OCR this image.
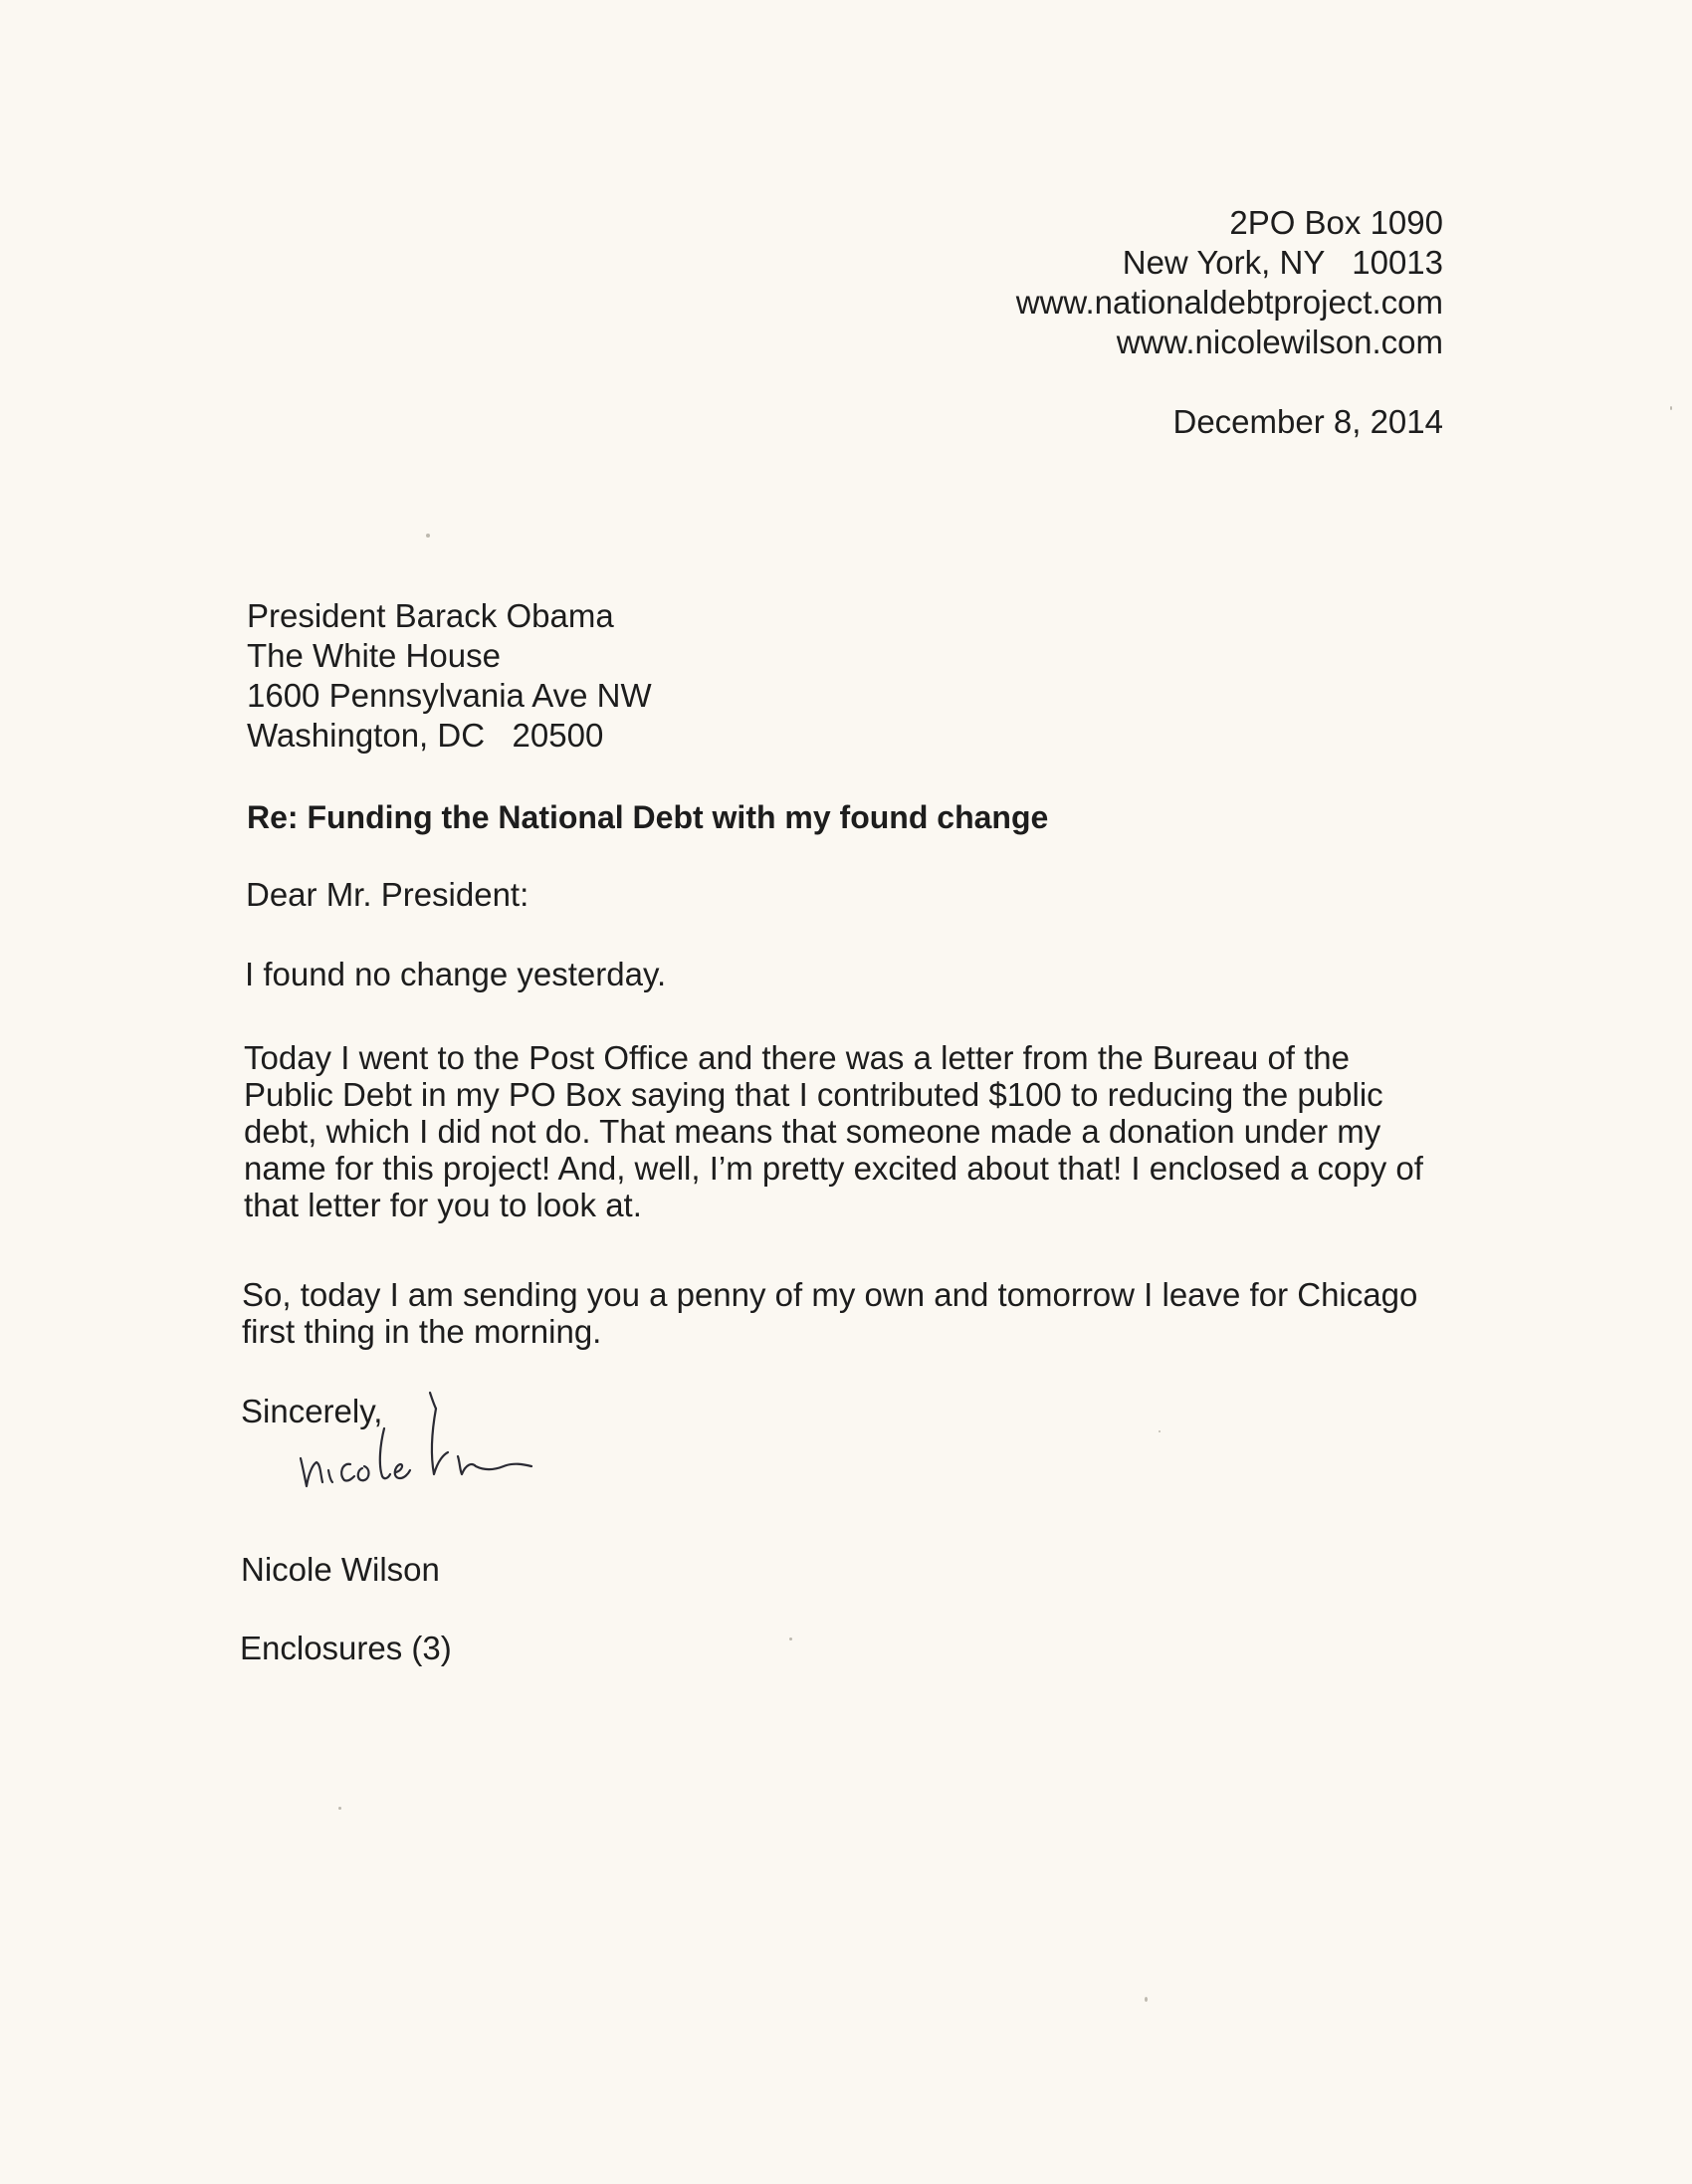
2PO Box 1090
New York, NY   10013
www.nationaldebtproject.com
www.nicolewilson.com
December 8, 2014
President Barack Obama
The White House
1600 Pennsylvania Ave NW
Washington, DC   20500
Re: Funding the National Debt with my found change
Dear Mr. President:
I found no change yesterday.
Today I went to the Post Office and there was a letter from the Bureau of the
Public Debt in my PO Box saying that I contributed $100 to reducing the public
debt, which I did not do. That means that someone made a donation under my
name for this project! And, well, I’m pretty excited about that! I enclosed a copy of
that letter for you to look at.
So, today I am sending you a penny of my own and tomorrow I leave for Chicago
first thing in the morning.
Sincerely,
Nicole Wilson
Enclosures (3)
